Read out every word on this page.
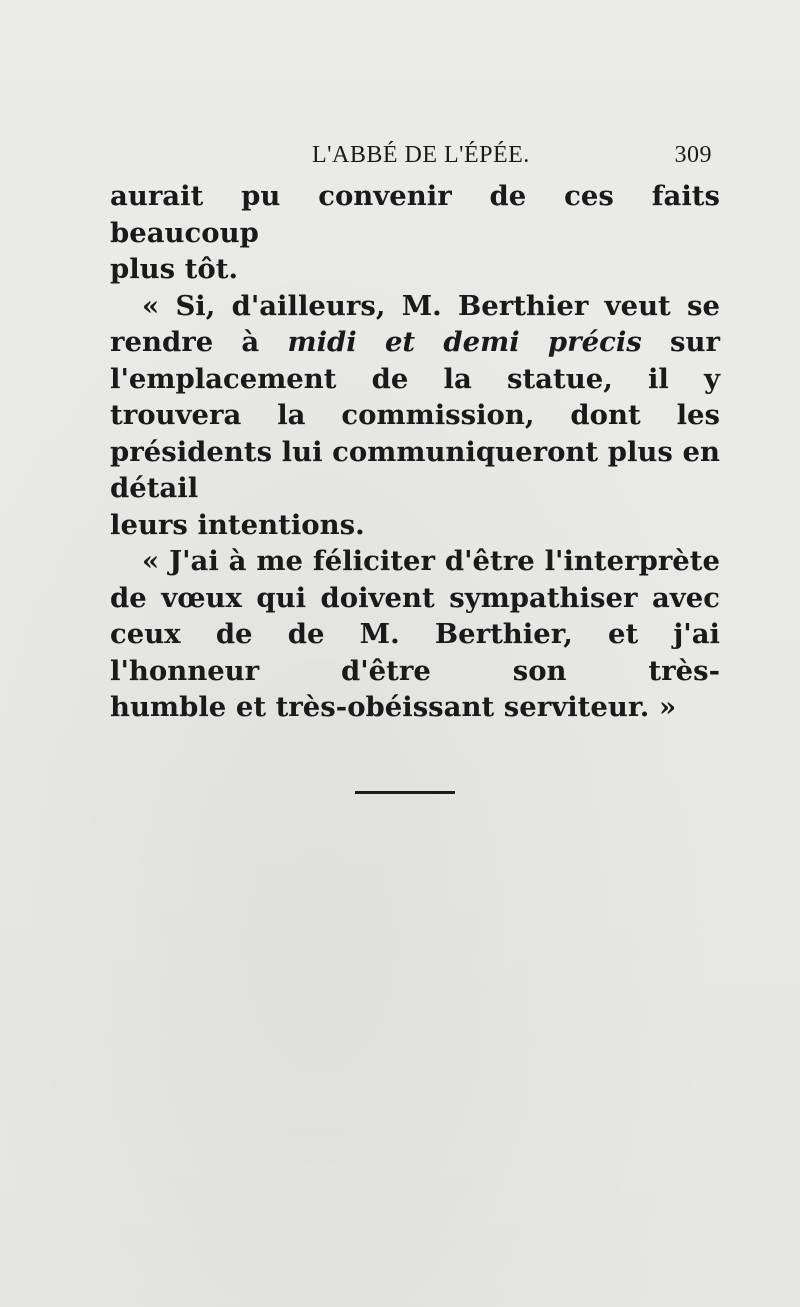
L'ABBÉ DE L'ÉPÉE.	309

aurait pu convenir de ces faits beaucoup

plus tôt.

« Si, d'ailleurs, M. Berthier veut se rendre à midi et demi précis sur l'emplacement de la statue, il y trouvera la commission, dont les présidents lui communiqueront plus en détail

leurs intentions.

« J'ai à me féliciter d'être l'interprète de vœux qui doivent sympathiser avec ceux de de M. Berthier, et j'ai l'honneur d'être son très-

humble et très-obéissant serviteur. »
